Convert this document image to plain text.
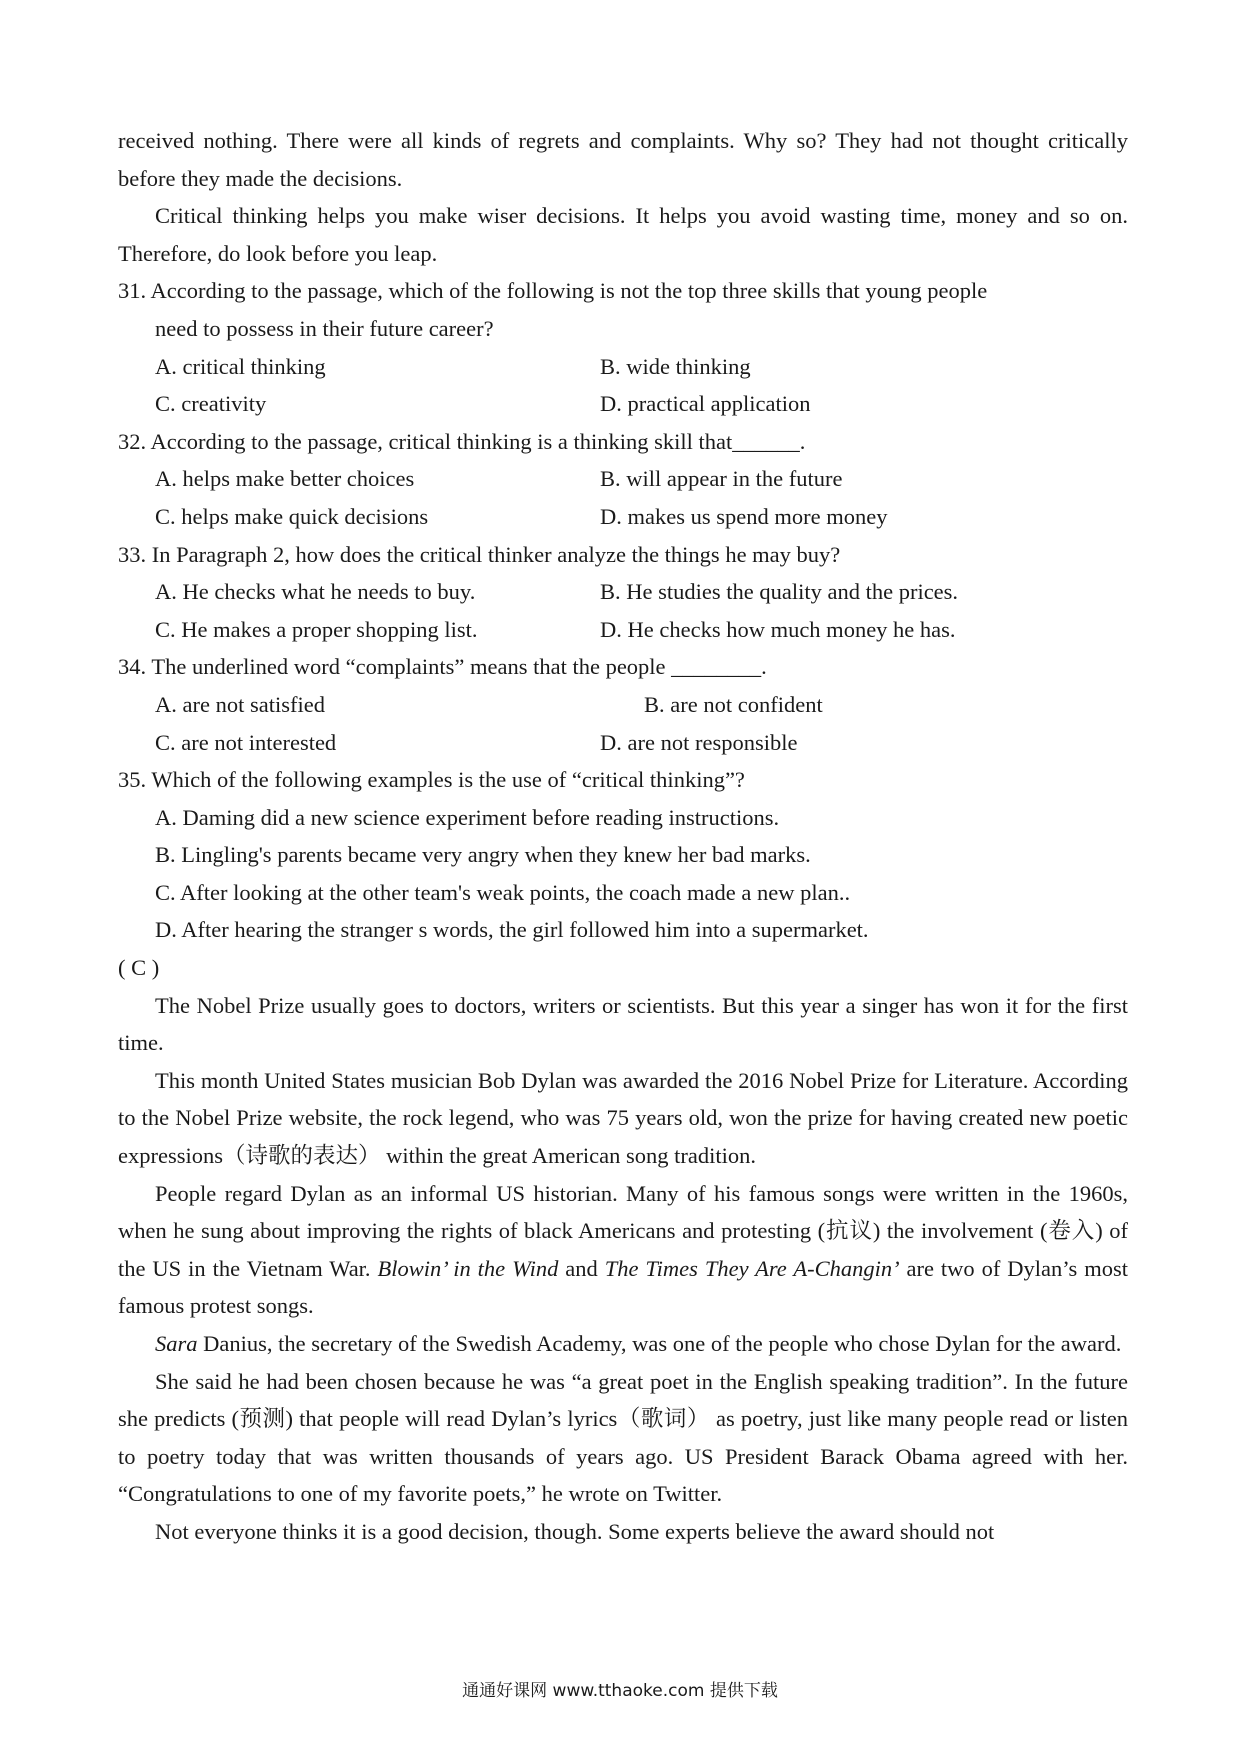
received nothing. There were all kinds of regrets and complaints. Why so? They had not thought critically before they made the decisions.

Critical thinking helps you make wiser decisions. It helps you avoid wasting time, money and so on. Therefore, do look before you leap.

31. According to the passage, which of the following is not the top three skills that young people

need to possess in their future career?

A. critical thinking	B. wide thinking
C. creativity	D. practical application

32. According to the passage, critical thinking is a thinking skill that______.

A. helps make better choices	B. will appear in the future
C. helps make quick decisions	D. makes us spend more money

33. In Paragraph 2, how does the critical thinker analyze the things he may buy?

A. He checks what he needs to buy.	B. He studies the quality and the prices.
C. He makes a proper shopping list.	D. He checks how much money he has.

34. The underlined word “complaints” means that the people ________.

A. are not satisfied	B. are not confident
C. are not interested	D. are not responsible

35. Which of the following examples is the use of “critical thinking”?

A. Daming did a new science experiment before reading instructions.

B. Lingling's parents became very angry when they knew her bad marks.

C. After looking at the other team's weak points, the coach made a new plan..

D. After hearing the stranger s words, the girl followed him into a supermarket.

( C )

The Nobel Prize usually goes to doctors, writers or scientists. But this year a singer has won it for the first time.

This month United States musician Bob Dylan was awarded the 2016 Nobel Prize for Literature. According to the Nobel Prize website, the rock legend, who was 75 years old, won the prize for having created new poetic expressions（诗歌的表达） within the great American song tradition.

People regard Dylan as an informal US historian. Many of his famous songs were written in the 1960s, when he sung about improving the rights of black Americans and protesting (抗议) the involvement (卷入) of the US in the Vietnam War. Blowin’ in the Wind and The Times They Are A-Changin’ are two of Dylan’s most famous protest songs.

Sara Danius, the secretary of the Swedish Academy, was one of the people who chose Dylan for the award.

She said he had been chosen because he was “a great poet in the English speaking tradition”. In the future she predicts (预测) that people will read Dylan’s lyrics（歌词） as poetry, just like many people read or listen to poetry today that was written thousands of years ago. US President Barack Obama agreed with her. “Congratulations to one of my favorite poets,” he wrote on Twitter.

Not everyone thinks it is a good decision, though. Some experts believe the award should not

通通好课网 www.tthaoke.com 提供下载
